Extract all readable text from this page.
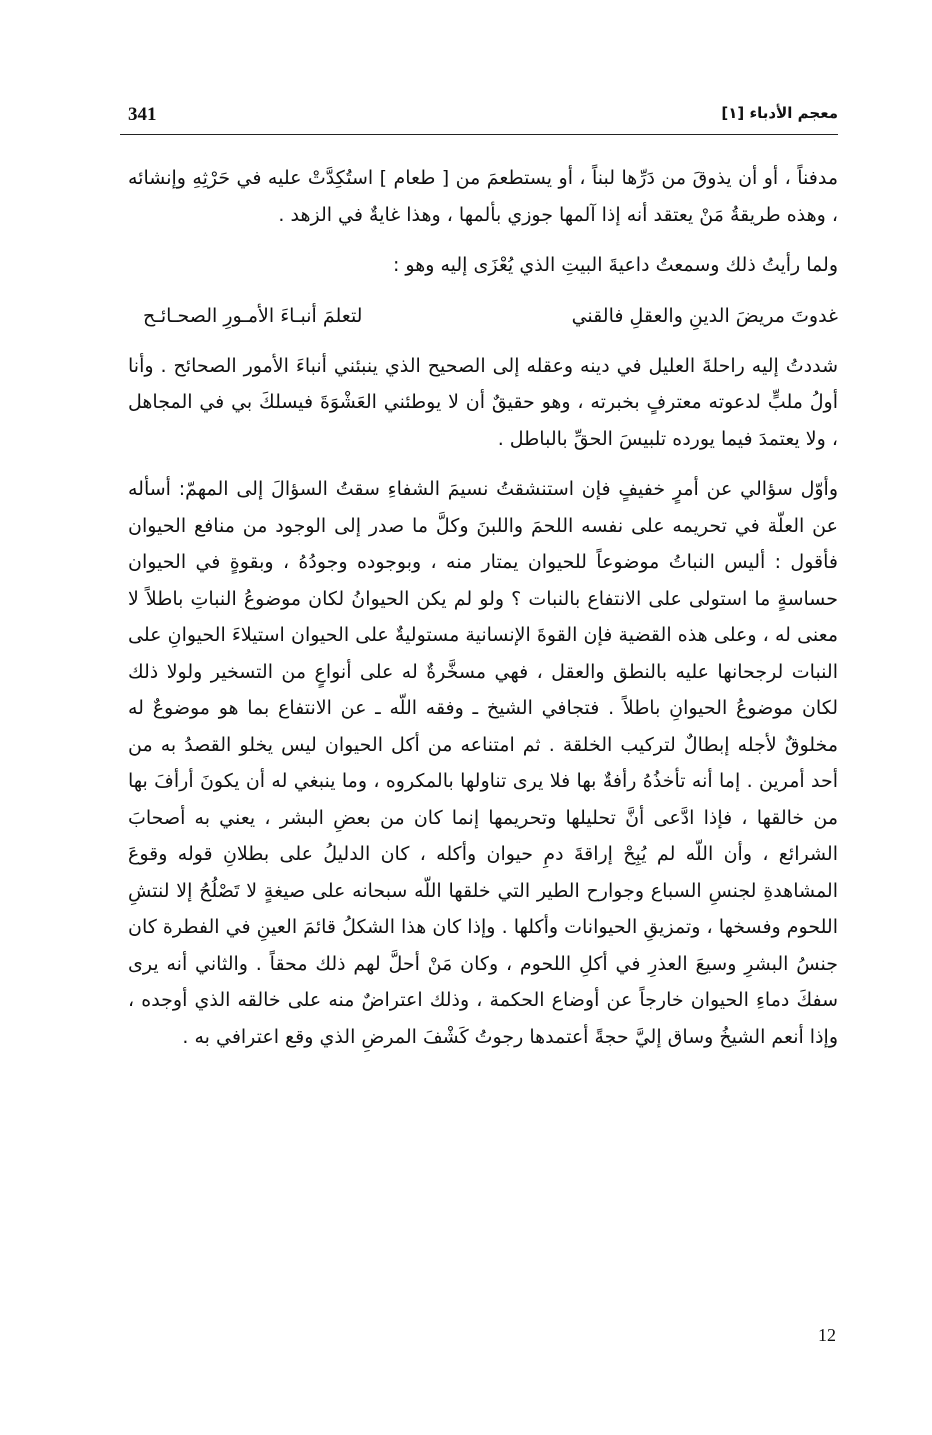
341	معجم الأدباء [١]

مدفناً ، أو أن يذوقَ من دَرِّها لبناً ، أو يستطعمَ من [ طعام ] استُكِدَّتْ عليه في حَرْثِهِ وإنشائه ، وهذه طريقةُ مَنْ يعتقد أنه إذا آلمها جوزي بألمها ، وهذا غايةٌ في الزهد .

ولما رأيتُ ذلك وسمعتُ داعيةَ البيتِ الذي يُعْزَى إليه وهو :

غدوتَ مريضَ الدينِ والعقلِ فالقني
لتعلمَ أنبـاءَ الأمـورِ الصحـائـح

شددتُ إليه راحلةَ العليل في دينه وعقله إلى الصحيح الذي ينبئني أنباءَ الأمور الصحائح . وأنا أولُ ملبٍّ لدعوته معترفٍ بخبرته ، وهو حقيقٌ أن لا يوطئني العَشْوَةَ فيسلكَ بي في المجاهل ، ولا يعتمدَ فيما يورده تلبيسَ الحقِّ بالباطل .

وأوّل سؤالي عن أمرٍ خفيفٍ فإن استنشقتُ نسيمَ الشفاءِ سقتُ السؤالَ إلى المهمّ: أسأله عن العلّة في تحريمه على نفسه اللحمَ واللبنَ وكلَّ ما صدر إلى الوجود من منافع الحيوان فأقول : أليس النباتُ موضوعاً للحيوان يمتار منه ، وبوجوده وجودُهُ ، وبقوةٍ في الحيوان حساسةٍ ما استولى على الانتفاع بالنبات ؟ ولو لم يكن الحيوانُ لكان موضوعُ النباتِ باطلاً لا معنى له ، وعلى هذه القضية فإن القوةَ الإنسانية مستوليةٌ على الحيوان استيلاءَ الحيوانِ على النبات لرجحانها عليه بالنطق والعقل ، فهي مسخَّرةٌ له على أنواعٍ من التسخير ولولا ذلك لكان موضوعُ الحيوانِ باطلاً . فتجافي الشيخ ـ وفقه اللّه ـ عن الانتفاع بما هو موضوعٌ له مخلوقٌ لأجله إبطالٌ لتركيب الخلقة . ثم امتناعه من أكل الحيوان ليس يخلو القصدُ به من أحد أمرين . إما أنه تأخذُهُ رأفةٌ بها فلا يرى تناولها بالمكروه ، وما ينبغي له أن يكونَ أرأفَ بها من خالقها ، فإذا ادَّعى أنَّ تحليلها وتحريمها إنما كان من بعضِ البشر ، يعني به أصحابَ الشرائع ، وأن اللّه لم يُبِحْ إراقةَ دمِ حيوان وأكله ، كان الدليلُ على بطلانِ قوله وقوعَ المشاهدةِ لجنسِ السباع وجوارح الطير التي خلقها اللّه سبحانه على صيغةٍ لا تَصْلُحُ إلا لنتشِ اللحوم وفسخها ، وتمزيقِ الحيوانات وأكلها . وإذا كان هذا الشكلُ قائمَ العينِ في الفطرة كان جنسُ البشرِ وسيعَ العذرِ في أكلِ اللحوم ، وكان مَنْ أحلَّ لهم ذلك محقاً . والثاني أنه يرى سفكَ دماءِ الحيوان خارجاً عن أوضاع الحكمة ، وذلك اعتراضٌ منه على خالقه الذي أوجده ، وإذا أنعم الشيخُ وساق إليَّ حجةً أعتمدها رجوتُ كَشْفَ المرضِ الذي وقع اعترافي به .

12
